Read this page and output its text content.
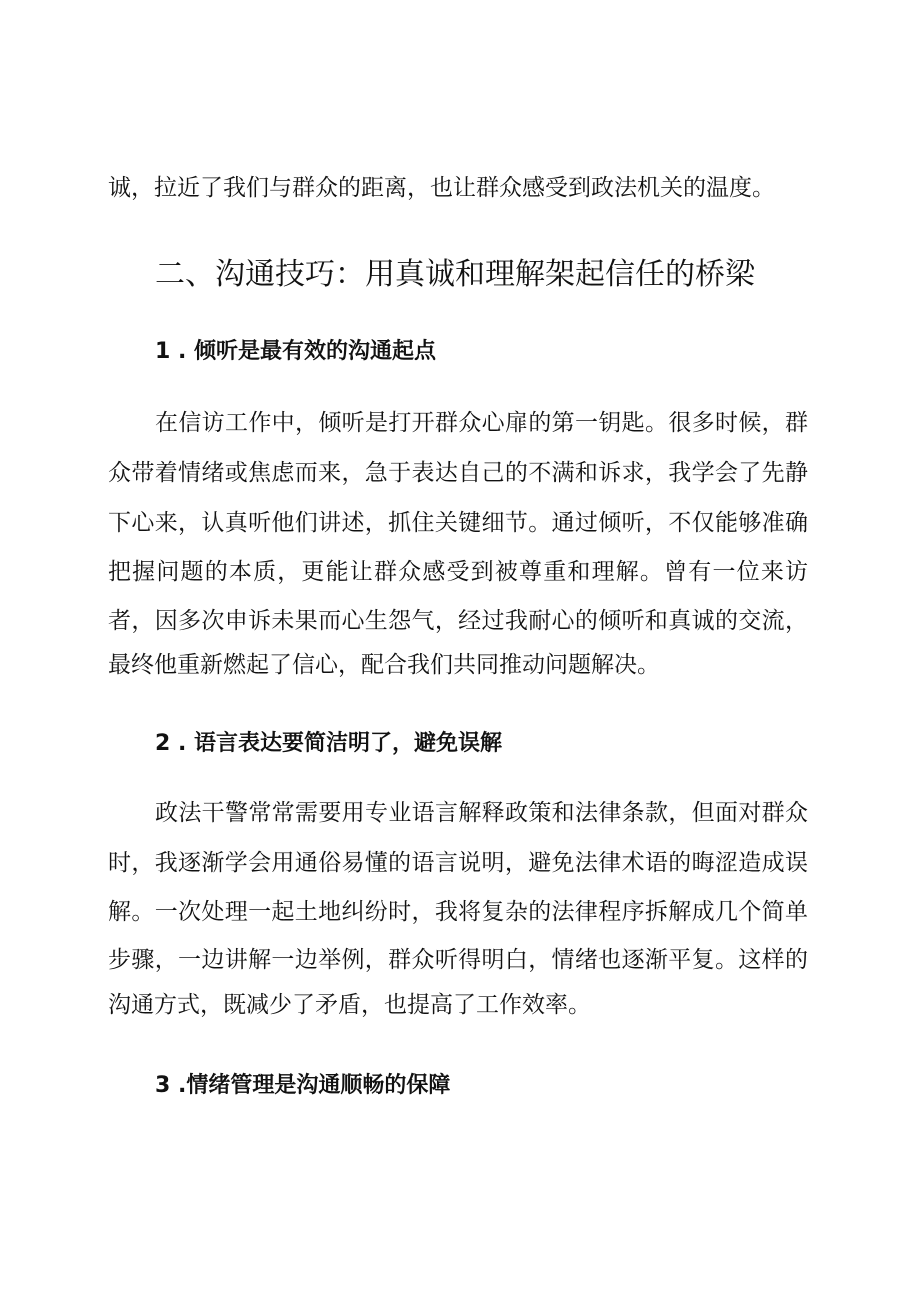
诚，拉近了我们与群众的距离，也让群众感受到政法机关的温度。
二、沟通技巧：用真诚和理解架起信任的桥梁
1 . 倾听是最有效的沟通起点
在信访工作中，倾听是打开群众心扉的第一钥匙。很多时候，群
众带着情绪或焦虑而来，急于表达自己的不满和诉求，我学会了先静
下心来，认真听他们讲述，抓住关键细节。通过倾听，不仅能够准确
把握问题的本质，更能让群众感受到被尊重和理解。曾有一位来访
者，因多次申诉未果而心生怨气，经过我耐心的倾听和真诚的交流，
最终他重新燃起了信心，配合我们共同推动问题解决。
2 . 语言表达要简洁明了，避免误解
政法干警常常需要用专业语言解释政策和法律条款，但面对群众
时，我逐渐学会用通俗易懂的语言说明，避免法律术语的晦涩造成误
解。一次处理一起土地纠纷时，我将复杂的法律程序拆解成几个简单
步骤，一边讲解一边举例，群众听得明白，情绪也逐渐平复。这样的
沟通方式，既减少了矛盾，也提高了工作效率。
3 .情绪管理是沟通顺畅的保障
